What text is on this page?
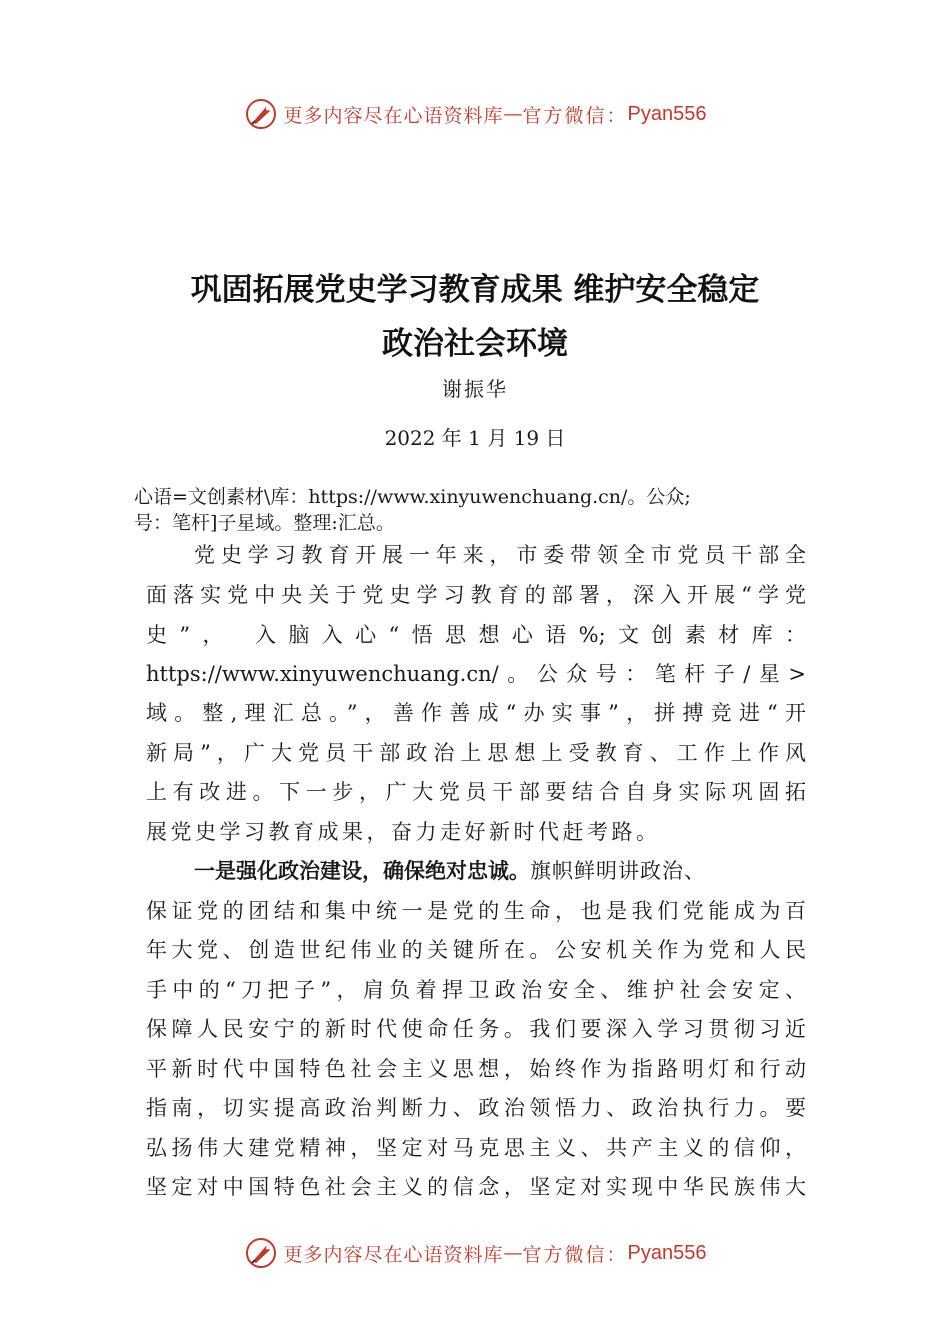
更多内容尽在心语资料库 — 官方微信： Pyan556
巩固拓展党史学习教育成果 维护安全稳定
政治社会环境
谢振华
2022 年 1 月 19 日
心语=文创素材\库：https://www.xinyuwenchuang.cn/。公众;
号：笔杆]子星域。整理:汇总。
党史学习教育开展一年来，市委带领全市党员干部全
面落实党中央关于党史学习教育的部署，深入开展“学党
史”， 入脑入心“悟思想心语%;文创素材库：
https://www.xinyuwenchuang.cn/。公众号：笔杆子/星>
域。整,理汇总。”，善作善成“办实事”，拼搏竞进“开
新局”，广大党员干部政治上思想上受教育、工作上作风
上有改进。下一步，广大党员干部要结合自身实际巩固拓
展党史学习教育成果，奋力走好新时代赶考路。
一是强化政治建设，确保绝对忠诚。旗帜鲜明讲政治、
保证党的团结和集中统一是党的生命，也是我们党能成为百
年大党、创造世纪伟业的关键所在。公安机关作为党和人民
手中的“刀把子”，肩负着捍卫政治安全、维护社会安定、
保障人民安宁的新时代使命任务。我们要深入学习贯彻习近
平新时代中国特色社会主义思想，始终作为指路明灯和行动
指南，切实提高政治判断力、政治领悟力、政治执行力。要
弘扬伟大建党精神，坚定对马克思主义、共产主义的信仰，
坚定对中国特色社会主义的信念，坚定对实现中华民族伟大
更多内容尽在心语资料库 — 官方微信： Pyan556
